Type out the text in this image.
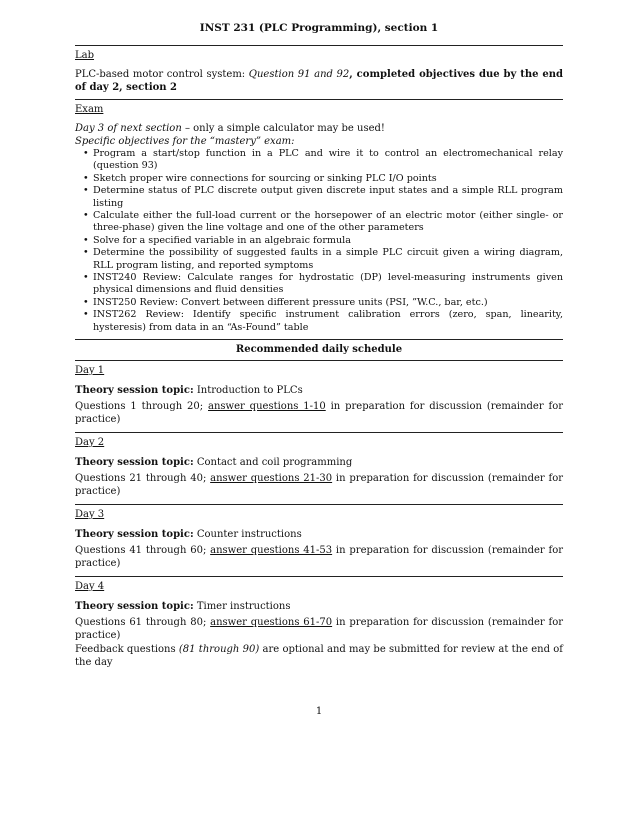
INST 231 (PLC Programming), section 1
Lab

PLC-based motor control system: Question 91 and 92, completed objectives due by the end of day 2, section 2

Exam

Day 3 of next section – only a simple calculator may be used!

Specific objectives for the “mastery” exam:

• Program a start/stop function in a PLC and wire it to control an electromechanical relay (question 93)
• Sketch proper wire connections for sourcing or sinking PLC I/O points
• Determine status of PLC discrete output given discrete input states and a simple RLL program listing
• Calculate either the full-load current or the horsepower of an electric motor (either single- or three-phase) given the line voltage and one of the other parameters
• Solve for a specified variable in an algebraic formula
• Determine the possibility of suggested faults in a simple PLC circuit given a wiring diagram, RLL program listing, and reported symptoms
• INST240 Review: Calculate ranges for hydrostatic (DP) level-measuring instruments given physical dimensions and fluid densities
• INST250 Review: Convert between different pressure units (PSI, ”W.C., bar, etc.)
• INST262 Review: Identify specific instrument calibration errors (zero, span, linearity, hysteresis) from data in an “As-Found” table
Recommended daily schedule
Day 1

Theory session topic: Introduction to PLCs

Questions 1 through 20; answer questions 1-10 in preparation for discussion (remainder for practice)

Day 2

Theory session topic: Contact and coil programming

Questions 21 through 40; answer questions 21-30 in preparation for discussion (remainder for practice)

Day 3

Theory session topic: Counter instructions

Questions 41 through 60; answer questions 41-53 in preparation for discussion (remainder for practice)

Day 4

Theory session topic: Timer instructions

Questions 61 through 80; answer questions 61-70 in preparation for discussion (remainder for practice)

Feedback questions (81 through 90) are optional and may be submitted for review at the end of the day

1
